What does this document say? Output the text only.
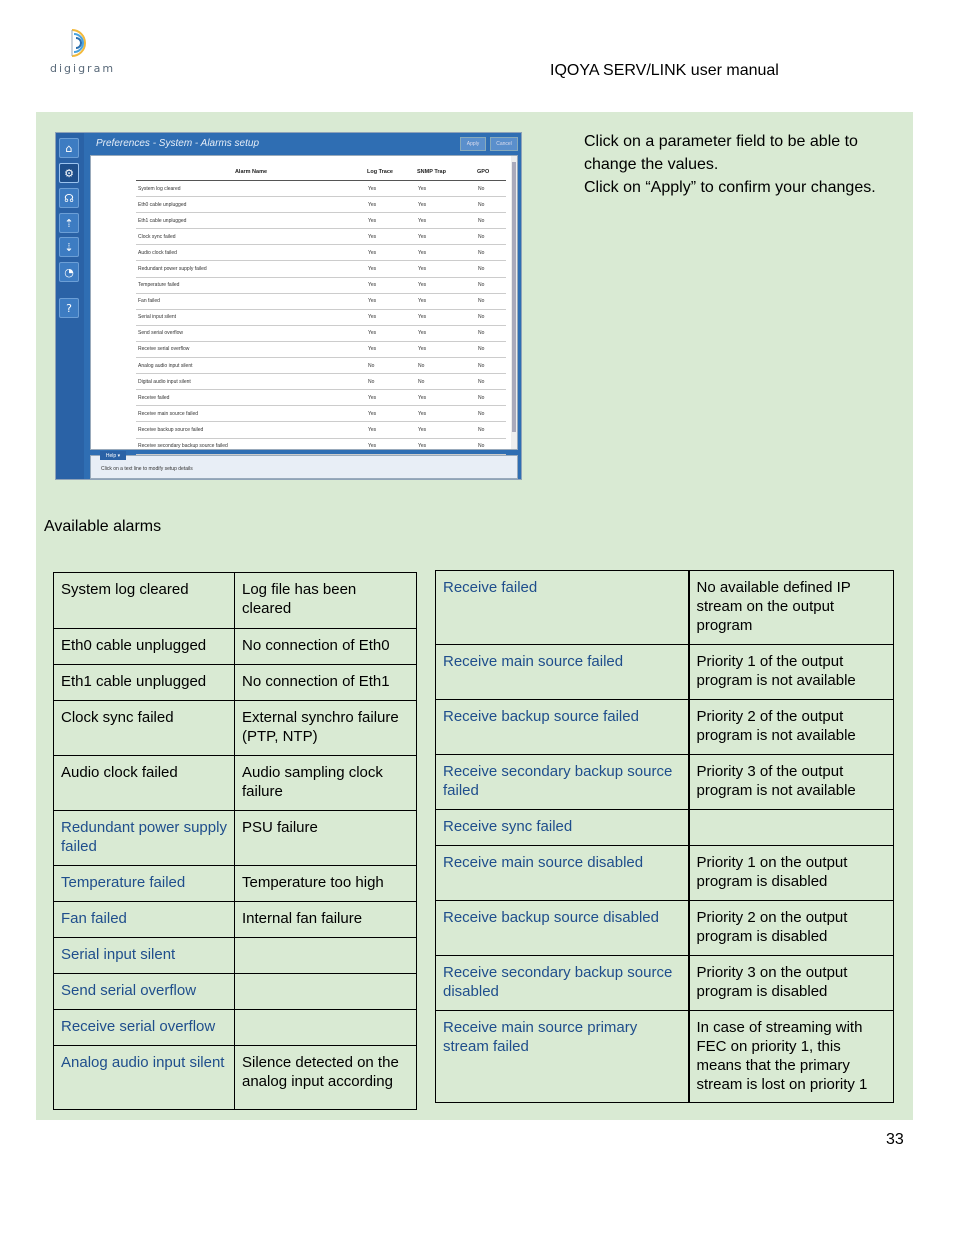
digigram	IQOYA SERV/LINK user manual
⌂
⚙
☊
⇡
⇣
◔
?
Preferences - System - Alarms setup	Apply	Cancel
Alarm Name	Log Trace	SNMP Trap	GPO
System log cleared	Yes	Yes	No
Eth0 cable unplugged	Yes	Yes	No
Eth1 cable unplugged	Yes	Yes	No
Clock sync failed	Yes	Yes	No
Audio clock failed	Yes	Yes	No
Redundant power supply failed	Yes	Yes	No
Temperature failed	Yes	Yes	No
Fan failed	Yes	Yes	No
Serial input silent	Yes	Yes	No
Send serial overflow	Yes	Yes	No
Receive serial overflow	Yes	Yes	No
Analog audio input silent	No	No	No
Digital audio input silent	No	No	No
Receive failed	Yes	Yes	No
Receive main source failed	Yes	Yes	No
Receive backup source failed	Yes	Yes	No
Receive secondary backup source failed	Yes	Yes	No
Click on a text line to modify setup details
Help ▾
Click on a parameter field to be able to change the values.
Click on “Apply” to confirm your changes.
Available alarms
System log cleared	Log file has been cleared
Eth0 cable unplugged	No connection of Eth0
Eth1 cable unplugged	No connection of Eth1
Clock sync failed	External synchro failure (PTP, NTP)
Audio clock failed	Audio sampling clock failure
Redundant power supply failed	PSU failure
Temperature failed	Temperature too high
Fan failed	Internal fan failure
Serial input silent	
Send serial overflow	
Receive serial overflow	
Analog audio input silent	Silence detected on the analog input according
Receive failed	No available defined IP stream on the output program
Receive main source failed	Priority 1 of the output program is not available
Receive backup source failed	Priority 2 of the output program is not available
Receive secondary backup source failed	Priority 3 of the output program is not available
Receive sync failed	
Receive main source disabled	Priority 1 on the output program is disabled
Receive backup source disabled	Priority 2 on the output program is disabled
Receive secondary backup source disabled	Priority 3 on the output program is disabled
Receive main source primary stream failed	In case of streaming with FEC on priority 1, this means that the primary stream is lost on priority 1
33
